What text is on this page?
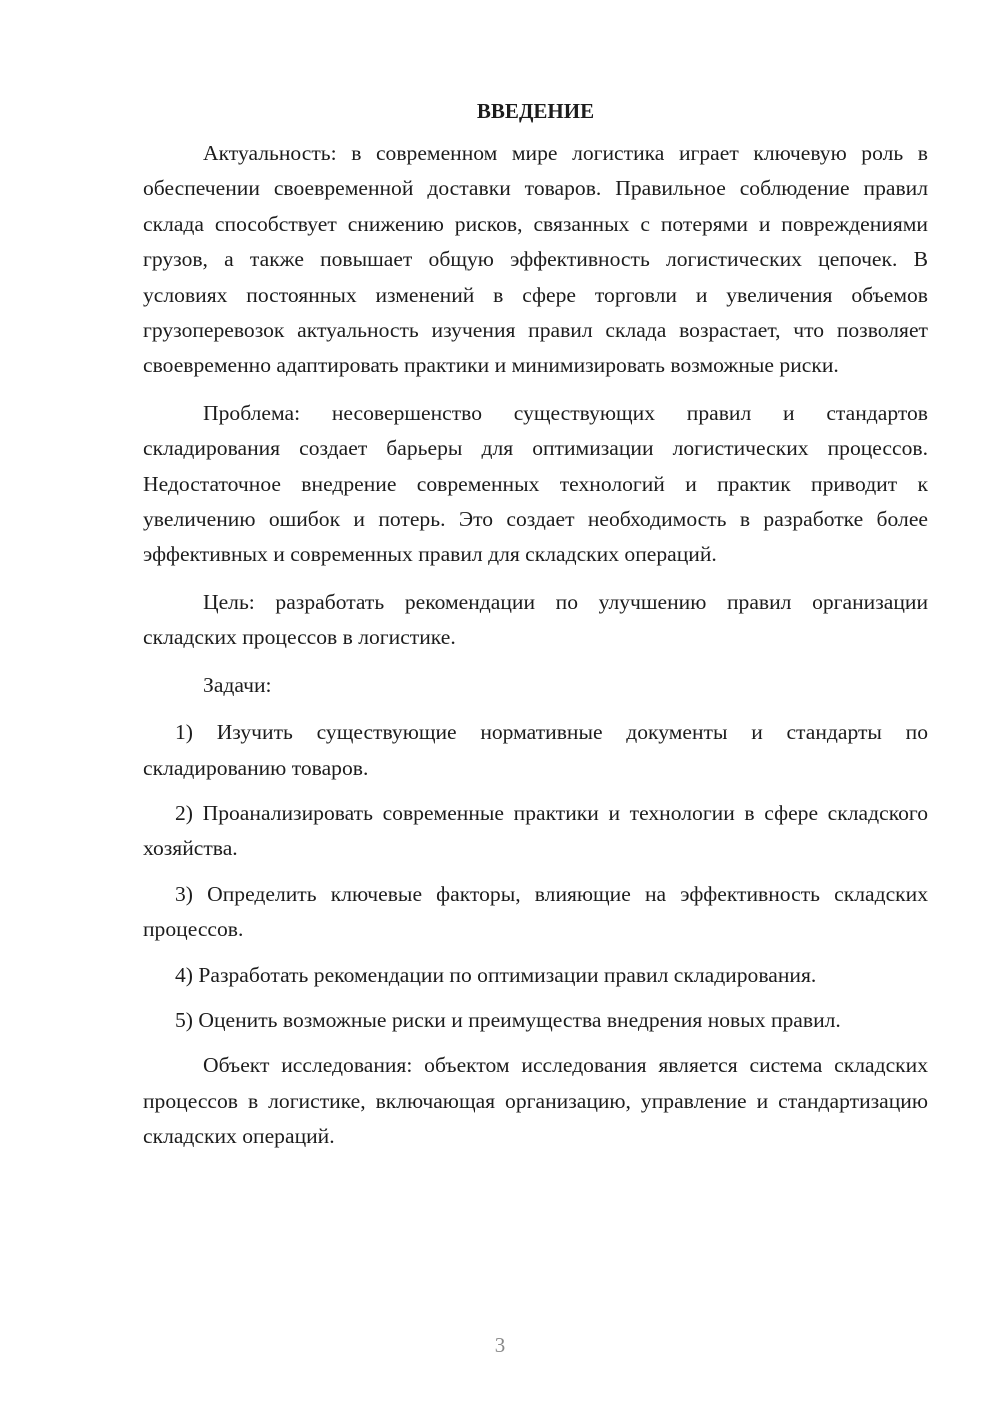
ВВЕДЕНИЕ

Актуальность: в современном мире логистика играет ключевую роль в обеспечении своевременной доставки товаров. Правильное соблюдение правил склада способствует снижению рисков, связанных с потерями и повреждениями грузов, а также повышает общую эффективность логистических цепочек. В условиях постоянных изменений в сфере торговли и увеличения объемов грузоперевозок актуальность изучения правил склада возрастает, что позволяет своевременно адаптировать практики и минимизировать возможные риски.

Проблема: несовершенство существующих правил и стандартов складирования создает барьеры для оптимизации логистических процессов. Недостаточное внедрение современных технологий и практик приводит к увеличению ошибок и потерь. Это создает необходимость в разработке более эффективных и современных правил для складских операций.

Цель: разработать рекомендации по улучшению правил организации складских процессов в логистике.

Задачи:

1) Изучить существующие нормативные документы и стандарты по складированию товаров.

2) Проанализировать современные практики и технологии в сфере складского хозяйства.

3) Определить ключевые факторы, влияющие на эффективность складских процессов.

4) Разработать рекомендации по оптимизации правил складирования.

5) Оценить возможные риски и преимущества внедрения новых правил.

Объект исследования: объектом исследования является система складских процессов в логистике, включающая организацию, управление и стандартизацию складских операций.

3
